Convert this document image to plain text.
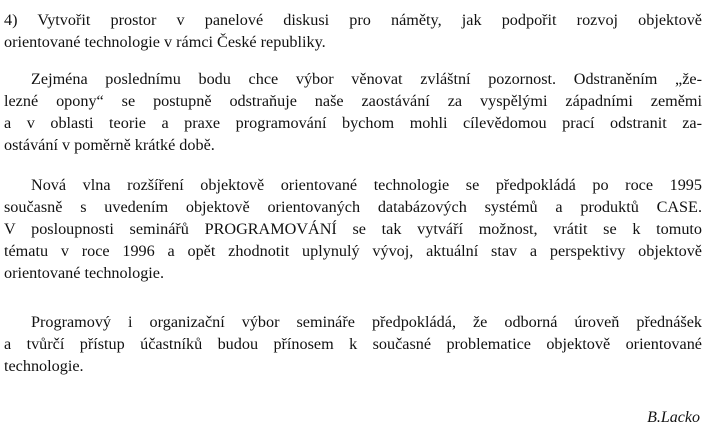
4) Vytvořit prostor v panelové diskusi pro náměty, jak podpořit rozvoj objektově
orientované technologie v rámci České republiky.

Zejména poslednímu bodu chce výbor věnovat zvláštní pozornost. Odstraněním „že-
lezné opony“ se postupně odstraňuje naše zaostávání za vyspělými západními zeměmi
a v oblasti teorie a praxe programování bychom mohli cílevědomou prací odstranit za-
ostávání v poměrně krátké době.

Nová vlna rozšíření objektově orientované technologie se předpokládá po roce 1995
současně s uvedením objektově orientovaných databázových systémů a produktů CASE.
V posloupnosti seminářů PROGRAMOVÁNÍ se tak vytváří možnost, vrátit se k tomuto
tématu v roce 1996 a opět zhodnotit uplynulý vývoj, aktuální stav a perspektivy objektově
orientované technologie.

Programový i organizační výbor semináře předpokládá, že odborná úroveň přednášek
a tvůrčí přístup účastníků budou přínosem k současné problematice objektově orientované
technologie.

B.Lacko
